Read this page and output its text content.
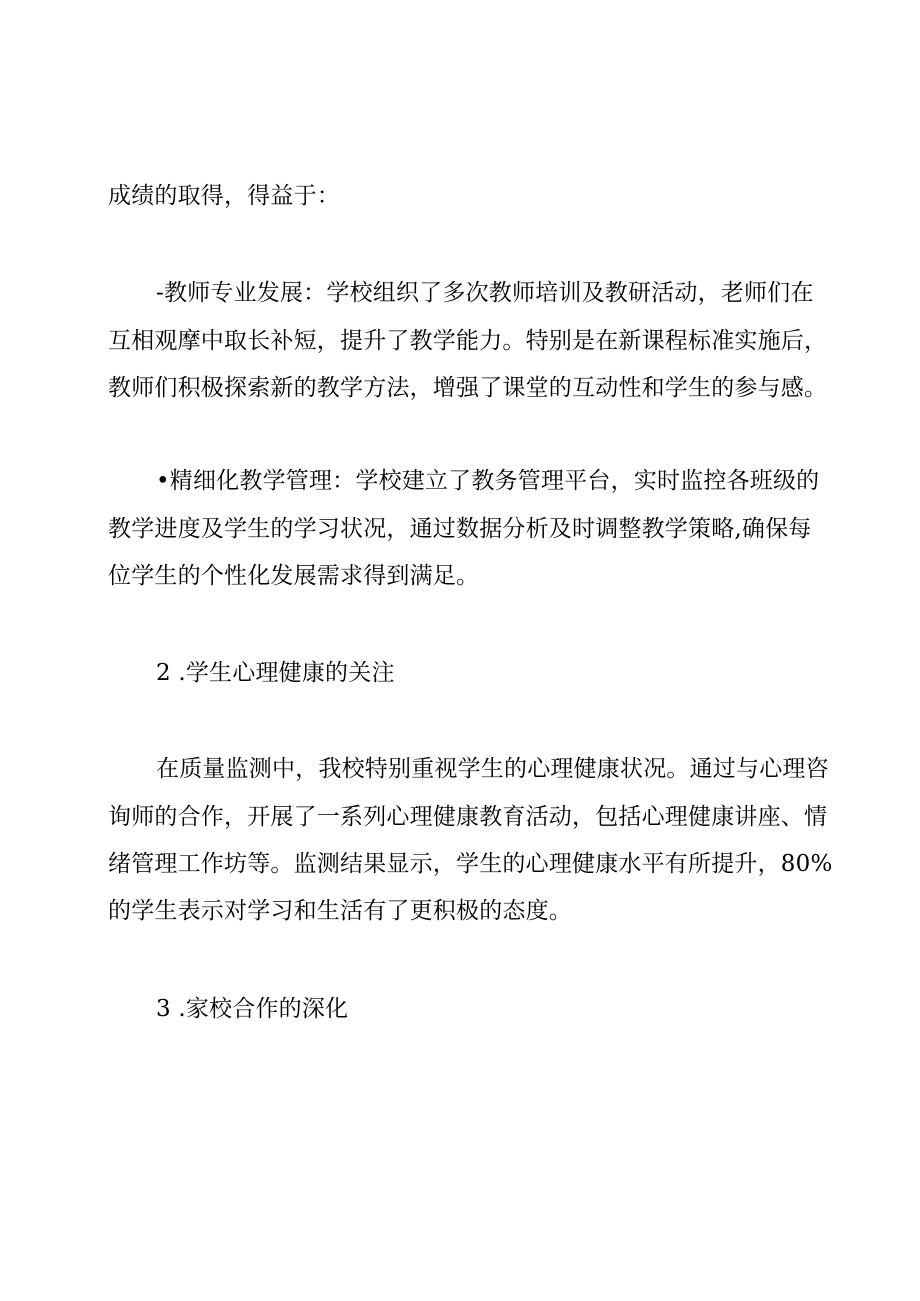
成绩的取得，得益于：
-教师专业发展：学校组织了多次教师培训及教研活动，老师们在
互相观摩中取长补短，提升了教学能力。特别是在新课程标准实施后，
教师们积极探索新的教学方法，增强了课堂的互动性和学生的参与感。
•精细化教学管理：学校建立了教务管理平台，实时监控各班级的
教学进度及学生的学习状况，通过数据分析及时调整教学策略,确保每
位学生的个性化发展需求得到满足。
2 .学生心理健康的关注
在质量监测中，我校特别重视学生的心理健康状况。通过与心理咨
询师的合作，开展了一系列心理健康教育活动，包括心理健康讲座、情
绪管理工作坊等。监测结果显示，学生的心理健康水平有所提升，80%
的学生表示对学习和生活有了更积极的态度。
3 .家校合作的深化
